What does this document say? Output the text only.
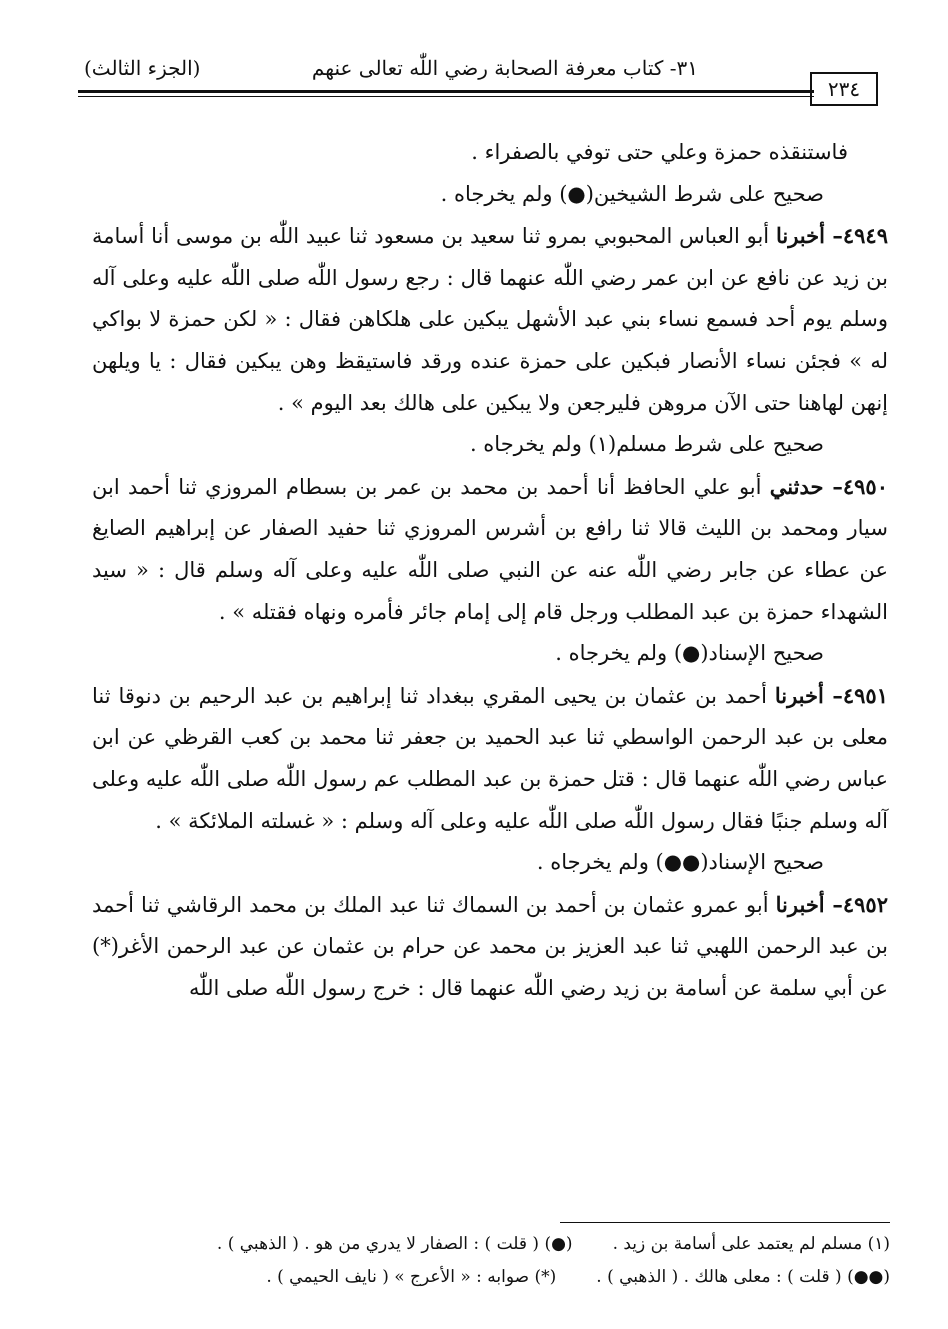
٣١- كتاب معرفة الصحابة رضي اللّٰه تعالى عنهم
(الجزء الثالث)
٢٣٤

فاستنقذه حمزة وعلي حتى توفي بالصفراء .

صحيح على شرط الشيخين(●) ولم يخرجاه .

٤٩٤٩– أخبرنا أبو العباس المحبوبي بمرو ثنا سعيد بن مسعود ثنا عبيد اللّٰه بن موسى أنا أسامة بن زيد عن نافع عن ابن عمر رضي اللّٰه عنهما قال : رجع رسول اللّٰه صلى اللّٰه عليه وعلى آله وسلم يوم أحد فسمع نساء بني عبد الأشهل يبكين على هلكاهن فقال : « لكن حمزة لا بواكي له » فجئن نساء الأنصار فبكين على حمزة عنده ورقد فاستيقظ وهن يبكين فقال : يا ويلهن إنهن لهاهنا حتى الآن مروهن فليرجعن ولا يبكين على هالك بعد اليوم » .

صحيح على شرط مسلم(١) ولم يخرجاه .

٤٩٥٠– حدثني أبو علي الحافظ أنا أحمد بن محمد بن عمر بن بسطام المروزي ثنا أحمد ابن سيار ومحمد بن الليث قالا ثنا رافع بن أشرس المروزي ثنا حفيد الصفار عن إبراهيم الصايغ عن عطاء عن جابر رضي اللّٰه عنه عن النبي صلى اللّٰه عليه وعلى آله وسلم قال : « سيد الشهداء حمزة بن عبد المطلب ورجل قام إلى إمام جائر فأمره ونهاه فقتله » .

صحيح الإسناد(●) ولم يخرجاه .

٤٩٥١– أخبرنا أحمد بن عثمان بن يحيى المقري ببغداد ثنا إبراهيم بن عبد الرحيم بن دنوقا ثنا معلى بن عبد الرحمن الواسطي ثنا عبد الحميد بن جعفر ثنا محمد بن كعب القرظي عن ابن عباس رضي اللّٰه عنهما قال : قتل حمزة بن عبد المطلب عم رسول اللّٰه صلى اللّٰه عليه وعلى آله وسلم جنبًا فقال رسول اللّٰه صلى اللّٰه عليه وعلى آله وسلم : « غسلته الملائكة » .

صحيح الإسناد(●●) ولم يخرجاه .

٤٩٥٢– أخبرنا أبو عمرو عثمان بن أحمد بن السماك ثنا عبد الملك بن محمد الرقاشي ثنا أحمد بن عبد الرحمن اللهبي ثنا عبد العزيز بن محمد عن حرام بن عثمان عن عبد الرحمن الأغر(*) عن أبي سلمة عن أسامة بن زيد رضي اللّٰه عنهما قال : خرج رسول اللّٰه صلى اللّٰه

(١) مسلم لم يعتمد على أسامة بن زيد .(●) ( قلت ) : الصفار لا يدري من هو . ( الذهبي ) .

(●●) ( قلت ) : معلى هالك . ( الذهبي ) .(*) صوابه : « الأعرج » ( نايف الحيمي ) .
